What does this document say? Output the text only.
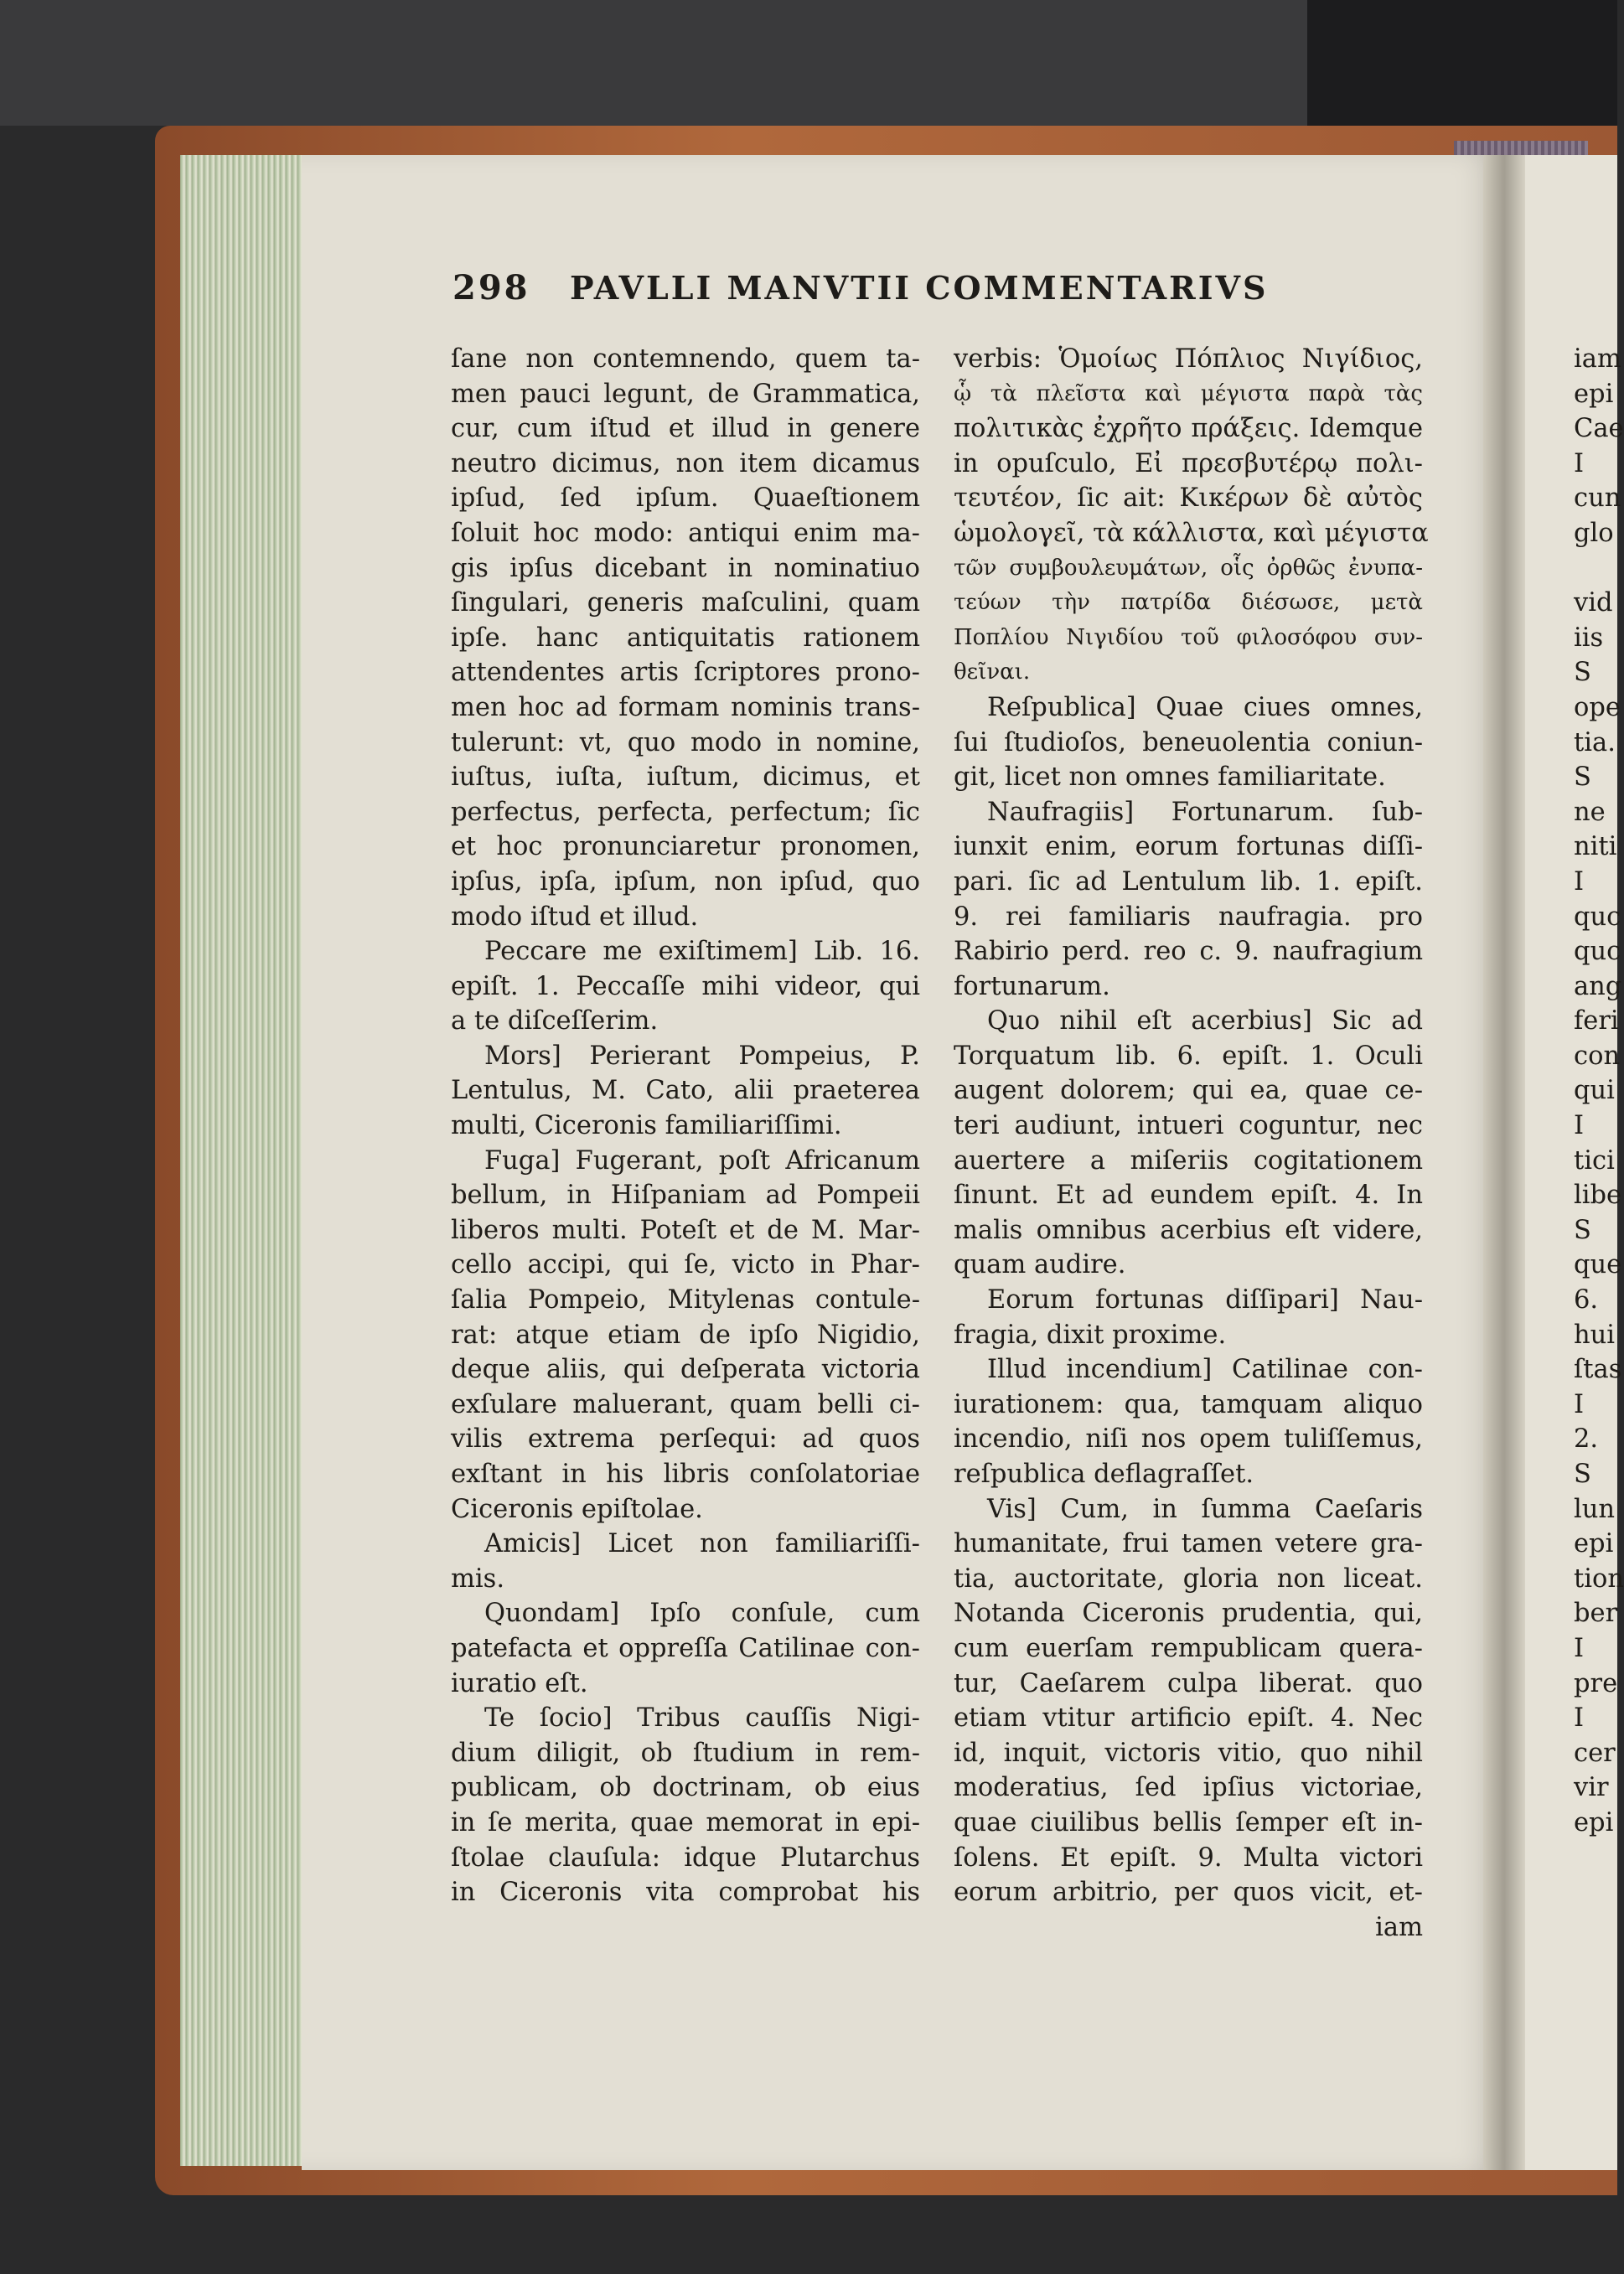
298 PAVLLI MANVTII COMMENTARIVS

ſane non contemnendo, quem ta-

men pauci legunt, de Grammatica,

cur, cum iſtud et illud in genere

neutro dicimus, non item dicamus

ipſud, ſed ipſum. Quaeſtionem

ſoluit hoc modo: antiqui enim ma-

gis ipſus dicebant in nominatiuo

ſingulari, generis maſculini, quam

ipſe. hanc antiquitatis rationem

attendentes artis ſcriptores prono-

men hoc ad formam nominis trans-

tulerunt: vt, quo modo in nomine,

iuſtus, iuſta, iuſtum, dicimus, et

perfectus, perfecta, perfectum; ſic

et hoc pronunciaretur pronomen,

ipſus, ipſa, ipſum, non ipſud, quo

modo iſtud et illud.

Peccare me exiſtimem] Lib. 16.

epiſt. 1. Peccaſſe mihi videor, qui

a te diſceſſerim.

Mors] Perierant Pompeius, P.

Lentulus, M. Cato, alii praeterea

multi, Ciceronis familiariſſimi.

Fuga] Fugerant, poſt Africanum

bellum, in Hiſpaniam ad Pompeii

liberos multi. Poteſt et de M. Mar-

cello accipi, qui ſe, victo in Phar-

ſalia Pompeio, Mitylenas contule-

rat: atque etiam de ipſo Nigidio,

deque aliis, qui deſperata victoria

exſulare maluerant, quam belli ci-

vilis extrema perſequi: ad quos

exſtant in his libris conſolatoriae

Ciceronis epiſtolae.

Amicis] Licet non familiariſſi-

mis.

Quondam] Ipſo conſule, cum

patefacta et oppreſſa Catilinae con-

iuratio eſt.

Te ſocio] Tribus cauſſis Nigi-

dium diligit, ob ſtudium in rem-

publicam, ob doctrinam, ob eius

in ſe merita, quae memorat in epi-

ſtolae clauſula: idque Plutarchus

in Ciceronis vita comprobat his

verbis: Ὁμοίως Πόπλιος Νιγίδιος,

ᾧ τὰ πλεῖστα καὶ μέγιστα παρὰ τὰς

πολιτικὰς ἐχρῆτο πράξεις. Idemque

in opuſculo, Εἰ πρεσβυτέρῳ πολι-

τευτέον, ſic ait: Κικέρων δὲ αὐτὸς

ὡμολογεῖ, τὰ κάλλιστα, καὶ μέγιστα

τῶν συμβουλευμάτων, οἷς ὀρθῶς ἐνυπα-

τεύων τὴν πατρίδα διέσωσε, μετὰ

Ποπλίου Νιγιδίου τοῦ φιλοσόφου συν-

θεῖναι.

Reſpublica] Quae ciues omnes,

ſui ſtudioſos, beneuolentia coniun-

git, licet non omnes familiaritate.

Naufragiis] Fortunarum. ſub-

iunxit enim, eorum fortunas diſſi-

pari. ſic ad Lentulum lib. 1. epiſt.

9. rei familiaris naufragia. pro

Rabirio perd. reo c. 9. naufragium

fortunarum.

Quo nihil eſt acerbius] Sic ad

Torquatum lib. 6. epiſt. 1. Oculi

augent dolorem; qui ea, quae ce-

teri audiunt, intueri coguntur, nec

auertere a miſeriis cogitationem

ſinunt. Et ad eundem epiſt. 4. In

malis omnibus acerbius eſt videre,

quam audire.

Eorum fortunas diſſipari] Nau-

fragia, dixit proxime.

Illud incendium] Catilinae con-

iurationem: qua, tamquam aliquo

incendio, niſi nos opem tuliſſemus,

reſpublica deflagraſſet.

Vis] Cum, in ſumma Caeſaris

humanitate, frui tamen vetere gra-

tia, auctoritate, gloria non liceat.

Notanda Ciceronis prudentia, qui,

cum euerſam rempublicam quera-

tur, Caeſarem culpa liberat. quo

etiam vtitur artificio epiſt. 4. Nec

id, inquit, victoris vitio, quo nihil

moderatius, ſed ipſius victoriae,

quae ciuilibus bellis ſemper eſt in-

ſolens. Et epiſt. 9. Multa victori

eorum arbitrio, per quos vicit, et-

iam

iam

epi

Cae

I

cun

glo

vid

iis

S

ope

tia.

S

ne

niti

I

quc

quc

ang

feri

con

qui

I

tici

libe

S

que

6.

hui

ſtas

I

2.

S

lun

epi

tion

ber

I

pre

I

cer

vir

epi
